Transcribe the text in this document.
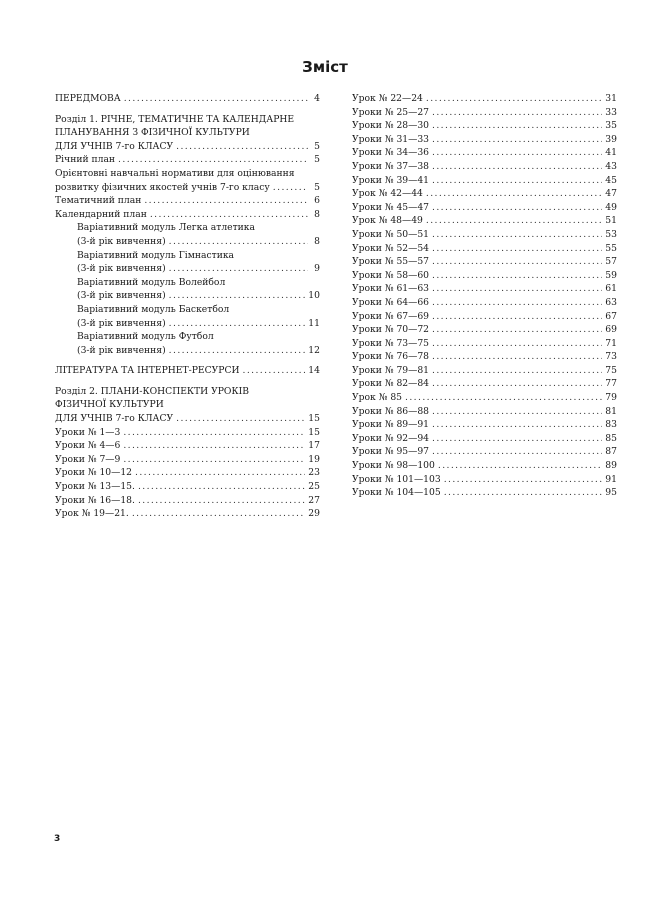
Зміст
ПЕРЕДМОВА .....	4
Розділ 1. РІЧНЕ, ТЕМАТИЧНЕ ТА КАЛЕНДАРНЕ
ПЛАНУВАННЯ З ФІЗИЧНОЇ КУЛЬТУРИ
ДЛЯ УЧНІВ 7-го КЛАСУ .....	5
Річний план .....	5
Орієнтовні навчальні нормативи для оцінювання
розвитку фізичних якостей учнів 7-го класу .....	5
Тематичний план .....	6
Календарний план .....	8
Варіативний модуль Легка атлетика
(3-й рік вивчення) .....	8
Варіативний модуль Гімнастика
(3-й рік вивчення) .....	9
Варіативний модуль Волейбол
(3-й рік вивчення) .....	10
Варіативний модуль Баскетбол
(3-й рік вивчення) .....	11
Варіативний модуль Футбол
(3-й рік вивчення) .....	12
ЛІТЕРАТУРА ТА ІНТЕРНЕТ-РЕСУРСИ .....	14
Розділ 2. ПЛАНИ-КОНСПЕКТИ УРОКІВ
ФІЗИЧНОЇ КУЛЬТУРИ
ДЛЯ УЧНІВ 7-го КЛАСУ .....	15
Уроки № 1—3 .....	15
Уроки № 4—6 .....	17
Уроки № 7—9 .....	19
Уроки № 10—12 .....	23
Уроки № 13—15. .....	25
Уроки № 16—18. .....	27
Урок № 19—21. .....	29
Урок № 22—24 .....	31
Уроки № 25—27 .....	33
Уроки № 28—30 .....	35
Уроки № 31—33 .....	39
Уроки № 34—36 .....	41
Уроки № 37—38 .....	43
Уроки № 39—41 .....	45
Урок № 42—44 .....	47
Уроки № 45—47 .....	49
Урок № 48—49 .....	51
Уроки № 50—51 .....	53
Уроки № 52—54 .....	55
Уроки № 55—57 .....	57
Уроки № 58—60 .....	59
Уроки № 61—63 .....	61
Уроки № 64—66 .....	63
Уроки № 67—69 .....	67
Уроки № 70—72 .....	69
Уроки № 73—75 .....	71
Уроки № 76—78 .....	73
Уроки № 79—81 .....	75
Уроки № 82—84 .....	77
Урок № 85 .....	79
Уроки № 86—88 .....	81
Уроки № 89—91 .....	83
Уроки № 92—94 .....	85
Уроки № 95—97 .....	87
Уроки № 98—100 .....	89
Уроки № 101—103 .....	91
Уроки № 104—105 .....	95
3
